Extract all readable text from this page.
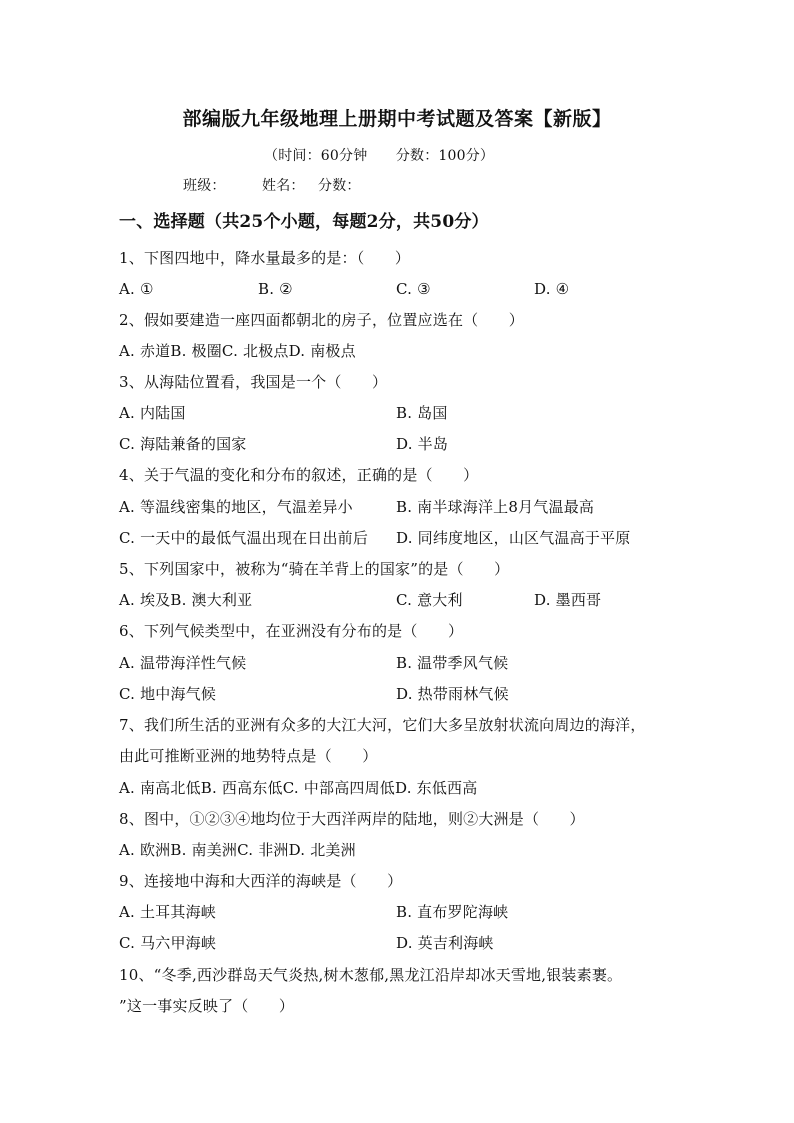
部编版九年级地理上册期中考试题及答案【新版】
（时间：60分钟　　分数：100分）
班级：	姓名： 分数：
一、选择题（共25个小题，每题2分，共50分）
1、下图四地中，降水量最多的是：（　　）
A. ①	B. ②	C. ③	D. ④
2、假如要建造一座四面都朝北的房子，位置应选在（　　）
A. 赤道B. 极圈C. 北极点D. 南极点
3、从海陆位置看，我国是一个（　　）
A. 内陆国	B. 岛国
C. 海陆兼备的国家	D. 半岛
4、关于气温的变化和分布的叙述，正确的是（　　）
A. 等温线密集的地区，气温差异小	B. 南半球海洋上8月气温最高
C. 一天中的最低气温出现在日出前后 D. 同纬度地区，山区气温高于平原
5、下列国家中，被称为“骑在羊背上的国家”的是（　　）
A. 埃及B. 澳大利亚	C. 意大利	D. 墨西哥
6、下列气候类型中，在亚洲没有分布的是（　　）
A. 温带海洋性气候	B. 温带季风气候
C. 地中海气候	D. 热带雨林气候
7、我们所生活的亚洲有众多的大江大河，它们大多呈放射状流向周边的海洋，
由此可推断亚洲的地势特点是（　　）
A. 南高北低B. 西高东低C. 中部高四周低D. 东低西高
8、图中，①②③④地均位于大西洋两岸的陆地，则②大洲是（　　）
A. 欧洲B. 南美洲C. 非洲D. 北美洲
9、连接地中海和大西洋的海峡是（　　）
A. 土耳其海峡	B. 直布罗陀海峡
C. 马六甲海峡	D. 英吉利海峡
10、“冬季,西沙群岛天气炎热,树木葱郁,黑龙江沿岸却冰天雪地,银装素裹。
”这一事实反映了（　　）
